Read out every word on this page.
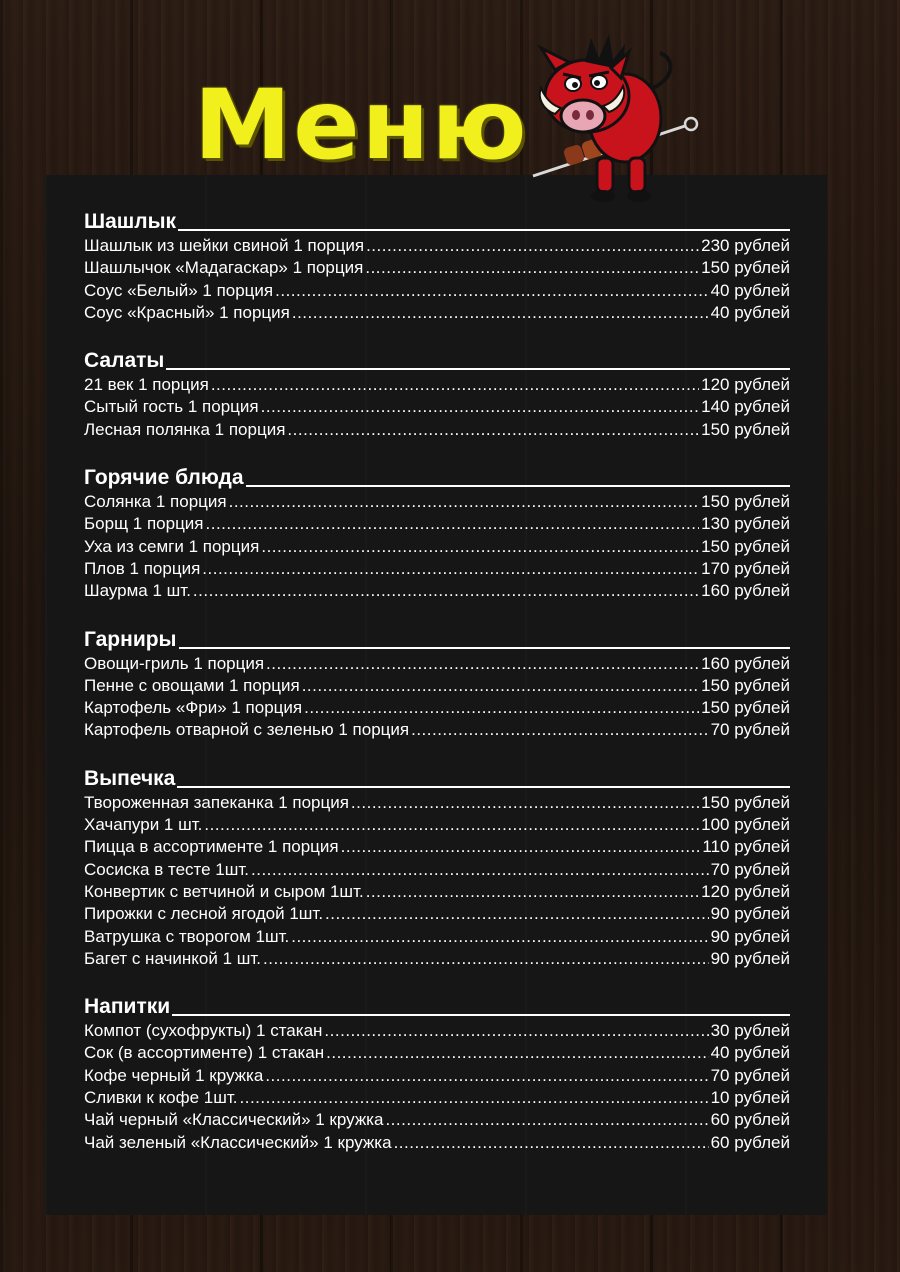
Меню
Шашлык
Шашлык из шейки свиной 1 порция .....	230 рублей
Шашлычок «Мадагаскар» 1 порция .....	150 рублей
Соус «Белый» 1 порция .....	40 рублей
Соус «Красный» 1 порция .....	40 рублей
Салаты
21 век 1 порция .....	120 рублей
Сытый гость 1 порция .....	140 рублей
Лесная полянка 1 порция .....	150 рублей
Горячие блюда
Солянка 1 порция .....	150 рублей
Борщ 1 порция .....	130 рублей
Уха из семги 1 порция .....	150 рублей
Плов 1 порция .....	170 рублей
Шаурма 1 шт. .....	160 рублей
Гарниры
Овощи-гриль 1 порция .....	160 рублей
Пенне с овощами 1 порция .....	150 рублей
Картофель «Фри» 1 порция .....	150 рублей
Картофель отварной с зеленью 1 порция .....	70 рублей
Выпечка
Твороженная запеканка 1 порция .....	150 рублей
Хачапури 1 шт. .....	100 рублей
Пицца в ассортименте 1 порция .....	110 рублей
Сосиска в тесте 1шт. .....	70 рублей
Конвертик с ветчиной и сыром 1шт. .....	120 рублей
Пирожки с лесной ягодой 1шт. .....	90 рублей
Ватрушка с творогом 1шт. .....	90 рублей
Багет с начинкой 1 шт. .....	90 рублей
Напитки
Компот (сухофрукты) 1 стакан .....	30 рублей
Сок (в ассортименте) 1 стакан .....	40 рублей
Кофе черный 1 кружка .....	70 рублей
Сливки к кофе 1шт. .....	10 рублей
Чай черный «Классический» 1 кружка .....	60 рублей
Чай зеленый «Классический» 1 кружка .....	60 рублей
